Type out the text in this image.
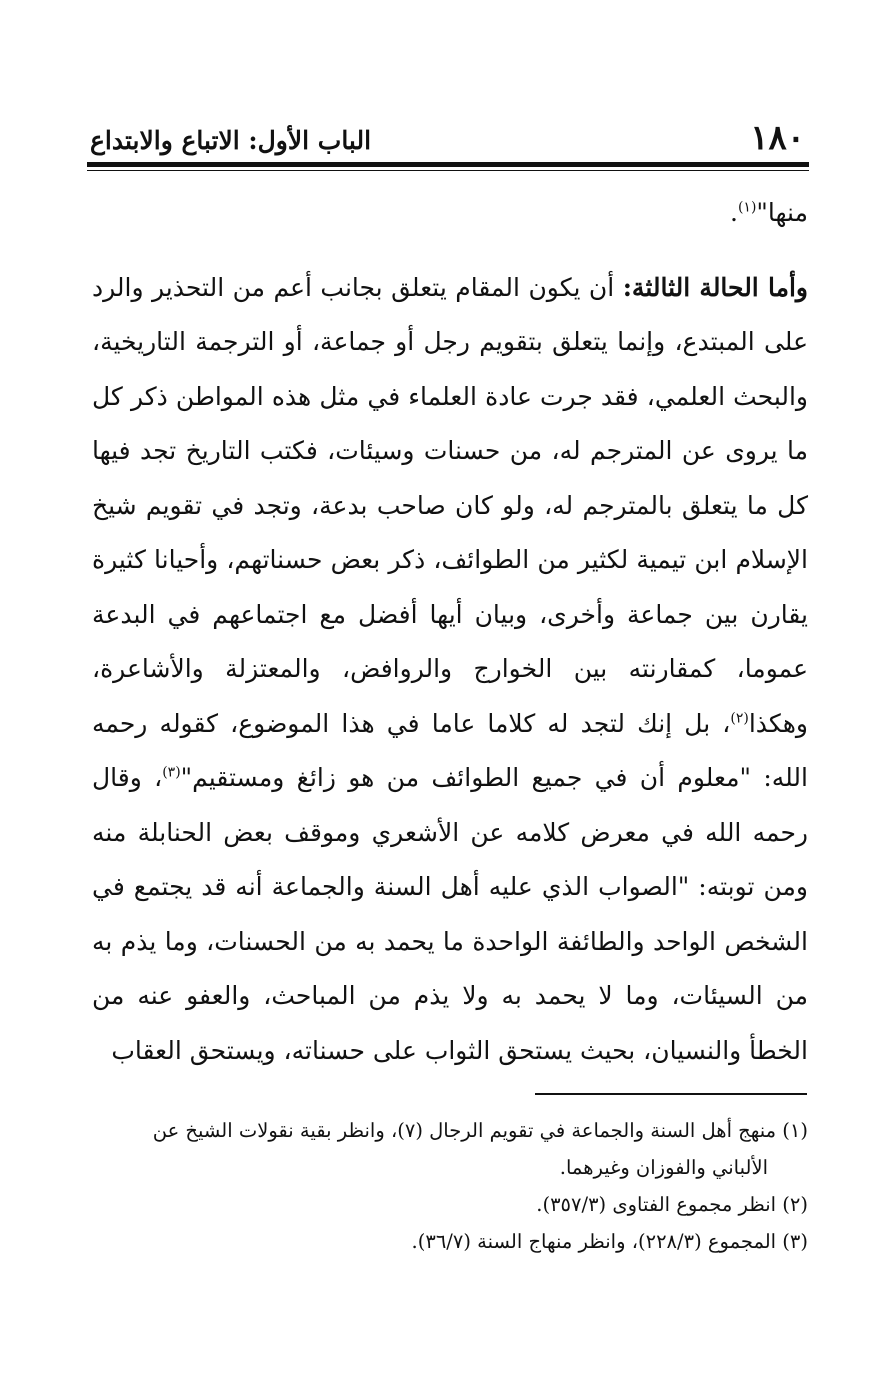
١٨٠
الباب الأول: الاتباع والابتداع

منها"$^{(١)}$.

وأما الحالة الثالثة: أن يكون المقام يتعلق بجانب أعم من التحذير والرد على المبتدع، وإنما يتعلق بتقويم رجل أو جماعة، أو الترجمة التاريخية، والبحث العلمي، فقد جرت عادة العلماء في مثل هذه المواطن ذكر كل ما يروى عن المترجم له، من حسنات وسيئات، فكتب التاريخ تجد فيها كل ما يتعلق بالمترجم له، ولو كان صاحب بدعة، وتجد في تقويم شيخ الإسلام ابن تيمية لكثير من الطوائف، ذكر بعض حسناتهم، وأحيانا كثيرة يقارن بين جماعة وأخرى، وبيان أيها أفضل مع اجتماعهم في البدعة عموما، كمقارنته بين الخوارج والروافض، والمعتزلة والأشاعرة، وهكذا$^{(٢)}$، بل إنك لتجد له كلاما عاما في هذا الموضوع، كقوله رحمه الله: "معلوم أن في جميع الطوائف من هو زائغ ومستقيم"$^{(٣)}$، وقال رحمه الله في معرض كلامه عن الأشعري وموقف بعض الحنابلة منه ومن توبته: "الصواب الذي عليه أهل السنة والجماعة أنه قد يجتمع في الشخص الواحد والطائفة الواحدة ما يحمد به من الحسنات، وما يذم به من السيئات، وما لا يحمد به ولا يذم من المباحث، والعفو عنه من الخطأ والنسيان، بحيث يستحق الثواب على حسناته، ويستحق العقاب

(١) منهج أهل السنة والجماعة في تقويم الرجال (٧)، وانظر بقية نقولات الشيخ عن الألباني والفوزان وغيرهما.

(٢) انظر مجموع الفتاوى (٣٥٧/٣).

(٣) المجموع (٢٢٨/٣)، وانظر منهاج السنة (٣٦/٧).
